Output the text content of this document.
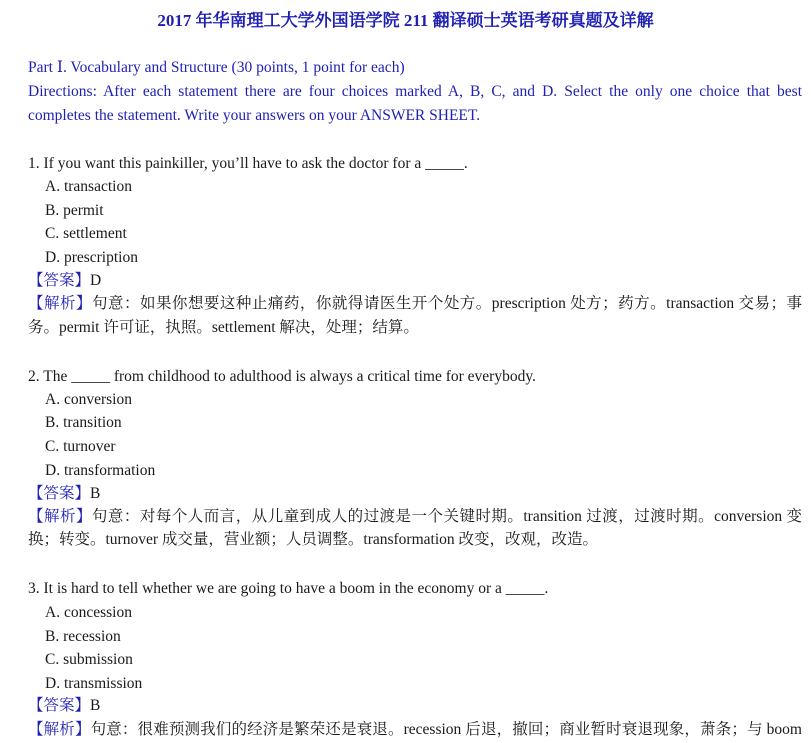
2017 年华南理工大学外国语学院 211 翻译硕士英语考研真题及详解
Part Ⅰ. Vocabulary and Structure (30 points, 1 point for each)
Directions: After each statement there are four choices marked A, B, C, and D. Select the only one choice that best
completes the statement. Write your answers on your ANSWER SHEET.
1. If you want this painkiller, you’ll have to ask the doctor for a _____.
A. transaction
B. permit
C. settlement
D. prescription
【答案】D
【解析】句意：如果你想要这种止痛药，你就得请医生开个处方。prescription 处方；药方。transaction 交易；事
务。permit 许可证，执照。settlement 解决，处理；结算。
2. The _____ from childhood to adulthood is always a critical time for everybody.
A. conversion
B. transition
C. turnover
D. transformation
【答案】B
【解析】句意：对每个人而言，从儿童到成人的过渡是一个关键时期。transition 过渡，过渡时期。conversion 变
换；转变。turnover 成交量，营业额；人员调整。transformation 改变，改观，改造。
3. It is hard to tell whether we are going to have a boom in the economy or a _____.
A. concession
B. recession
C. submission
D. transmission
【答案】B
【解析】句意：很难预测我们的经济是繁荣还是衰退。recession 后退，撤回；商业暂时衰退现象，萧条；与 boom
